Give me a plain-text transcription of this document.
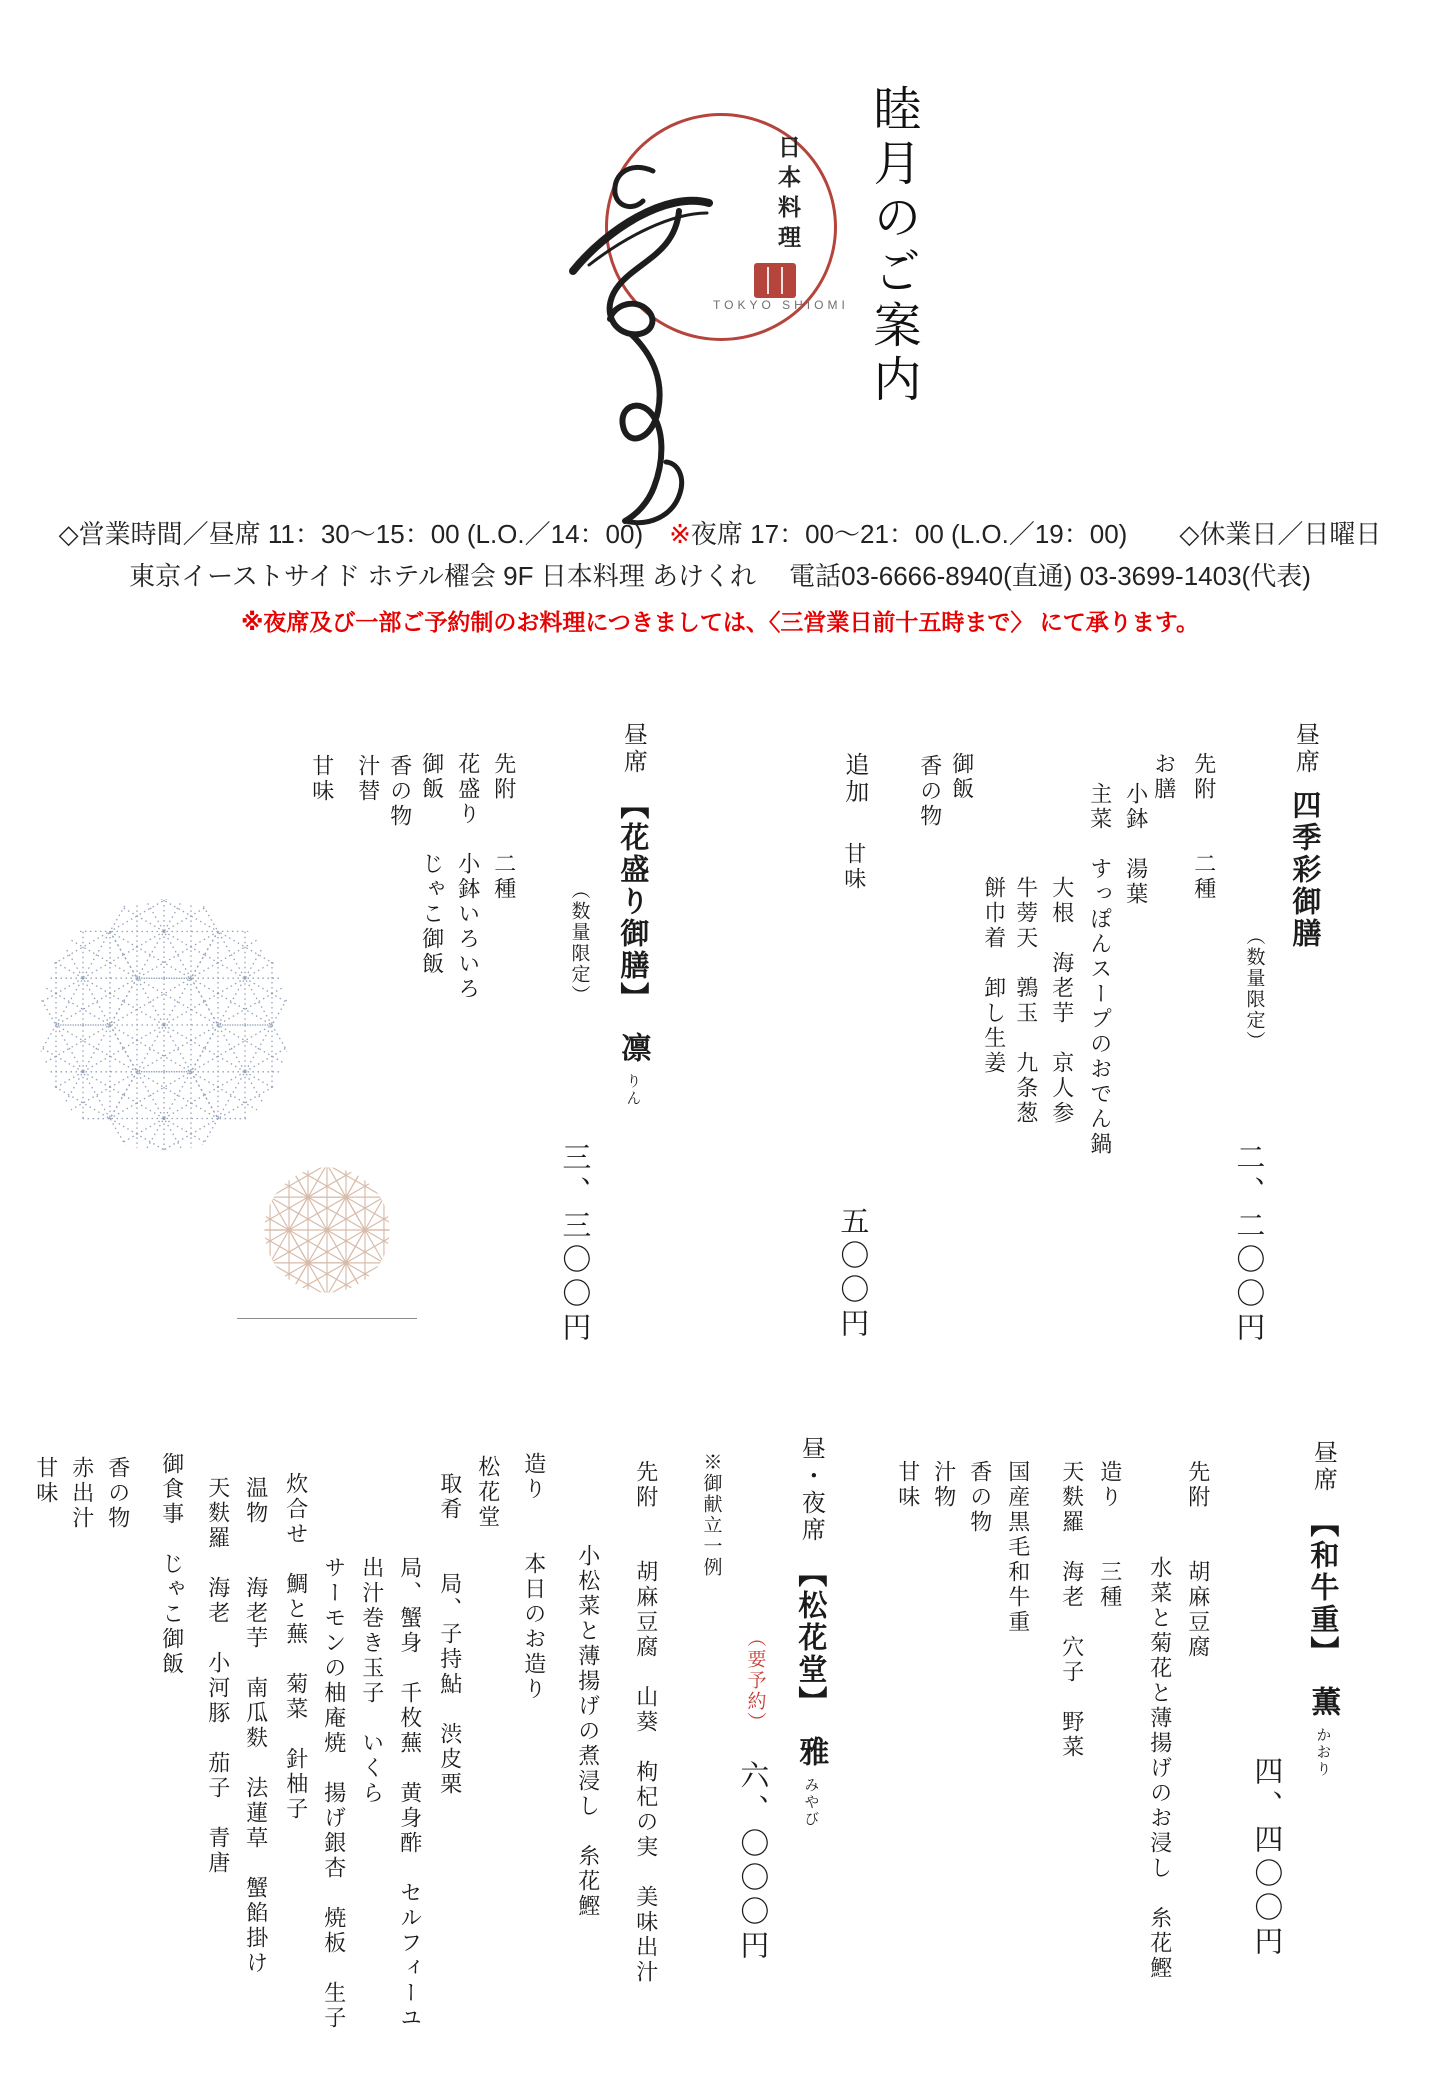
睦月のご案内
日本料理
TOKYO SHIOMI
◇営業時間／昼席 11：30～15：00 (L.O.／14：00)　※夜席 17：00～21：00 (L.O.／19：00)　　◇休業日／日曜日
東京イーストサイド ホテル櫂会 9F 日本料理 あけくれ　 電話03-6666-8940(直通) 03-3699-1403(代表)
※夜席及び一部ご予約制のお料理につきましては、〈三営業日前十五時まで〉 にて承ります。
昼席四季彩御膳
（数量限定）
二、二〇〇円
先附　　二種
お膳
小鉢　湯葉
主菜　すっぽんスープのおでん鍋
大根　海老芋　京人参
牛蒡天　鶉玉　九条葱
餅巾着　卸し生姜
御飯
香の物
追加
甘味
五〇〇円
昼席【花盛り御膳】凛りん
（数量限定）
三、三〇〇円
先附　　二種
花盛り　小鉢いろいろ
御飯　　じゃこ御飯
香の物
汁替
甘味
昼席【和牛重】薫かおり
四、四〇〇円
先附　　胡麻豆腐
水菜と菊花と薄揚げのお浸し　糸花鰹
造り　　三種
天麩羅　海老　穴子　野菜
国産黒毛和牛重
香の物
汁物
甘味
昼・夜席【松花堂】雅みやび
（要予約）
六、〇〇〇円
※御献立一例
先附　　胡麻豆腐　山葵　枸杞の実　美味出汁
小松菜と薄揚げの煮浸し　糸花鰹
造り　　本日のお造り
松花堂
取肴　　局、子持鮎　渋皮栗
局、蟹身　千枚蕪　黄身酢　セルフィーユ
出汁巻き玉子　いくら
サーモンの柚庵焼　揚げ銀杏　焼板　生子
炊合せ　鯛と蕪　菊菜　針柚子
温物　　海老芋　南瓜麩　法蓮草　蟹餡掛け
天麩羅　海老　小河豚　茄子　青唐
御食事　じゃこ御飯
香の物
赤出汁
甘味
